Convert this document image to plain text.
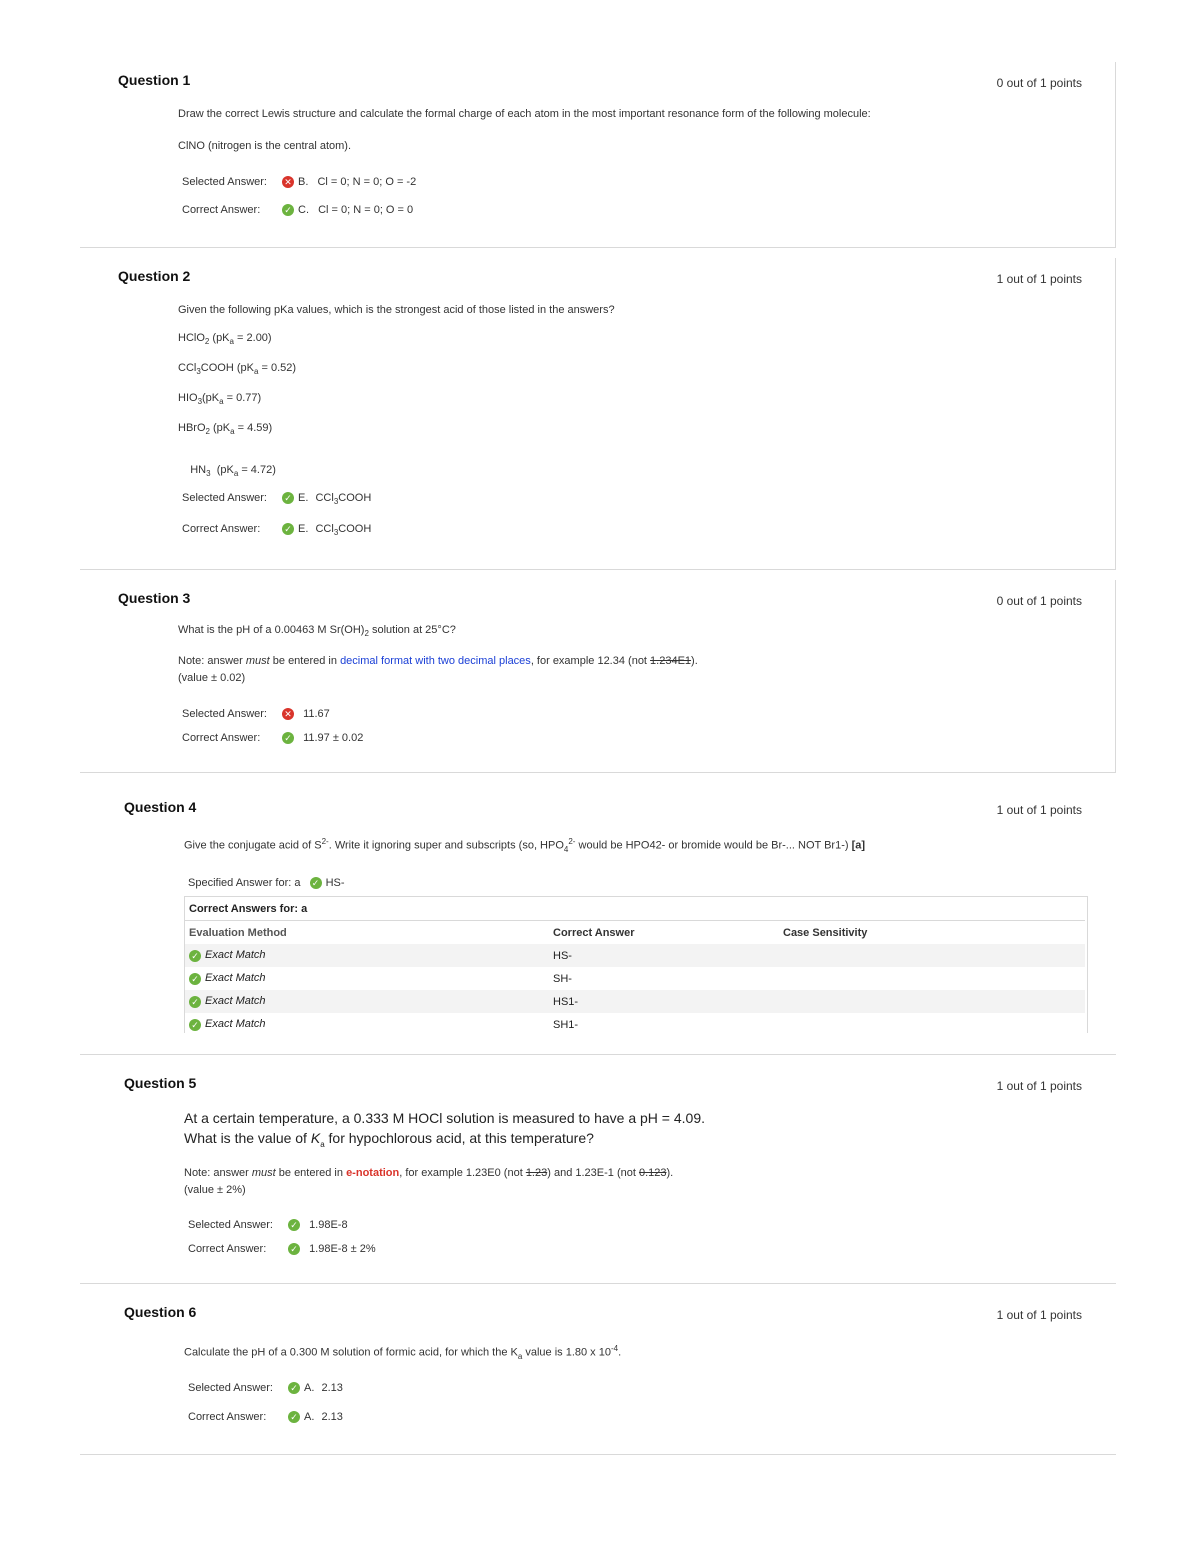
Question 1	0 out of 1 points
Draw the correct Lewis structure and calculate the formal charge of each atom in the most important resonance form of the following molecule:
ClNO (nitrogen is the central atom).
Selected Answer: ✕ B. Cl = 0; N = 0; O = -2
Correct Answer:	✓ C. Cl = 0; N = 0; O = 0
Question 2	1 out of 1 points
Given the following pKa values, which is the strongest acid of those listed in the answers?
HClO$_2$ $(pK_a = 2.00)$
CCl$_3$COOH $(pK_a = 0.52)$
$HIO_3(pK_a = 0.77)$
HBrO$_2$ $(pK_a = 4.59)$

$HN_3$  $(pK_a = 4.72)$

Selected Answer: ✓ E. CCl$_3$COOH
Correct Answer:	✓ E. CCl$_3$COOH
Question 3	0 out of 1 points
What is the pH of a 0.00463 M $Sr(OH)_2$ solution at 25°C?
Note: answer must be entered in decimal format with two decimal places, for example 12.34 (not 1.234E1).
(value ± 0.02)
Selected Answer: ✕ 11.67
Correct Answer:	✓ 11.97 ± 0.02
Question 4	1 out of 1 points
Give the conjugate acid of $S^{2-}$. Write it ignoring super and subscripts (so, $HPO_4^{2-}$ would be HPO42- or bromide would be Br-... NOT Br1-) [a]
Specified Answer for: a ✓ HS-
Correct Answers for: a		
Evaluation Method	Correct Answer	Case Sensitivity
✓ Exact Match	HS-	
✓ Exact Match	SH-	
✓ Exact Match	HS1-	
✓ Exact Match	SH1-	
Question 5	1 out of 1 points
At a certain temperature, a 0.333 M HOCl solution is measured to have a pH = 4.09.
What is the value of $K_a$ for hypochlorous acid, at this temperature?
Note: answer must be entered in e-notation, for example 1.23E0 (not 1.23) and 1.23E-1 (not 0.123).
(value ± 2%)
Selected Answer: ✓ 1.98E-8
Correct Answer:	✓ 1.98E-8 ± 2%
Question 6	1 out of 1 points
Calculate the pH of a 0.300 M solution of formic acid, for which the $K_a$ value is 1.80 x $10^{-4}$.
Selected Answer: ✓ A. 2.13
Correct Answer:	✓ A. 2.13
